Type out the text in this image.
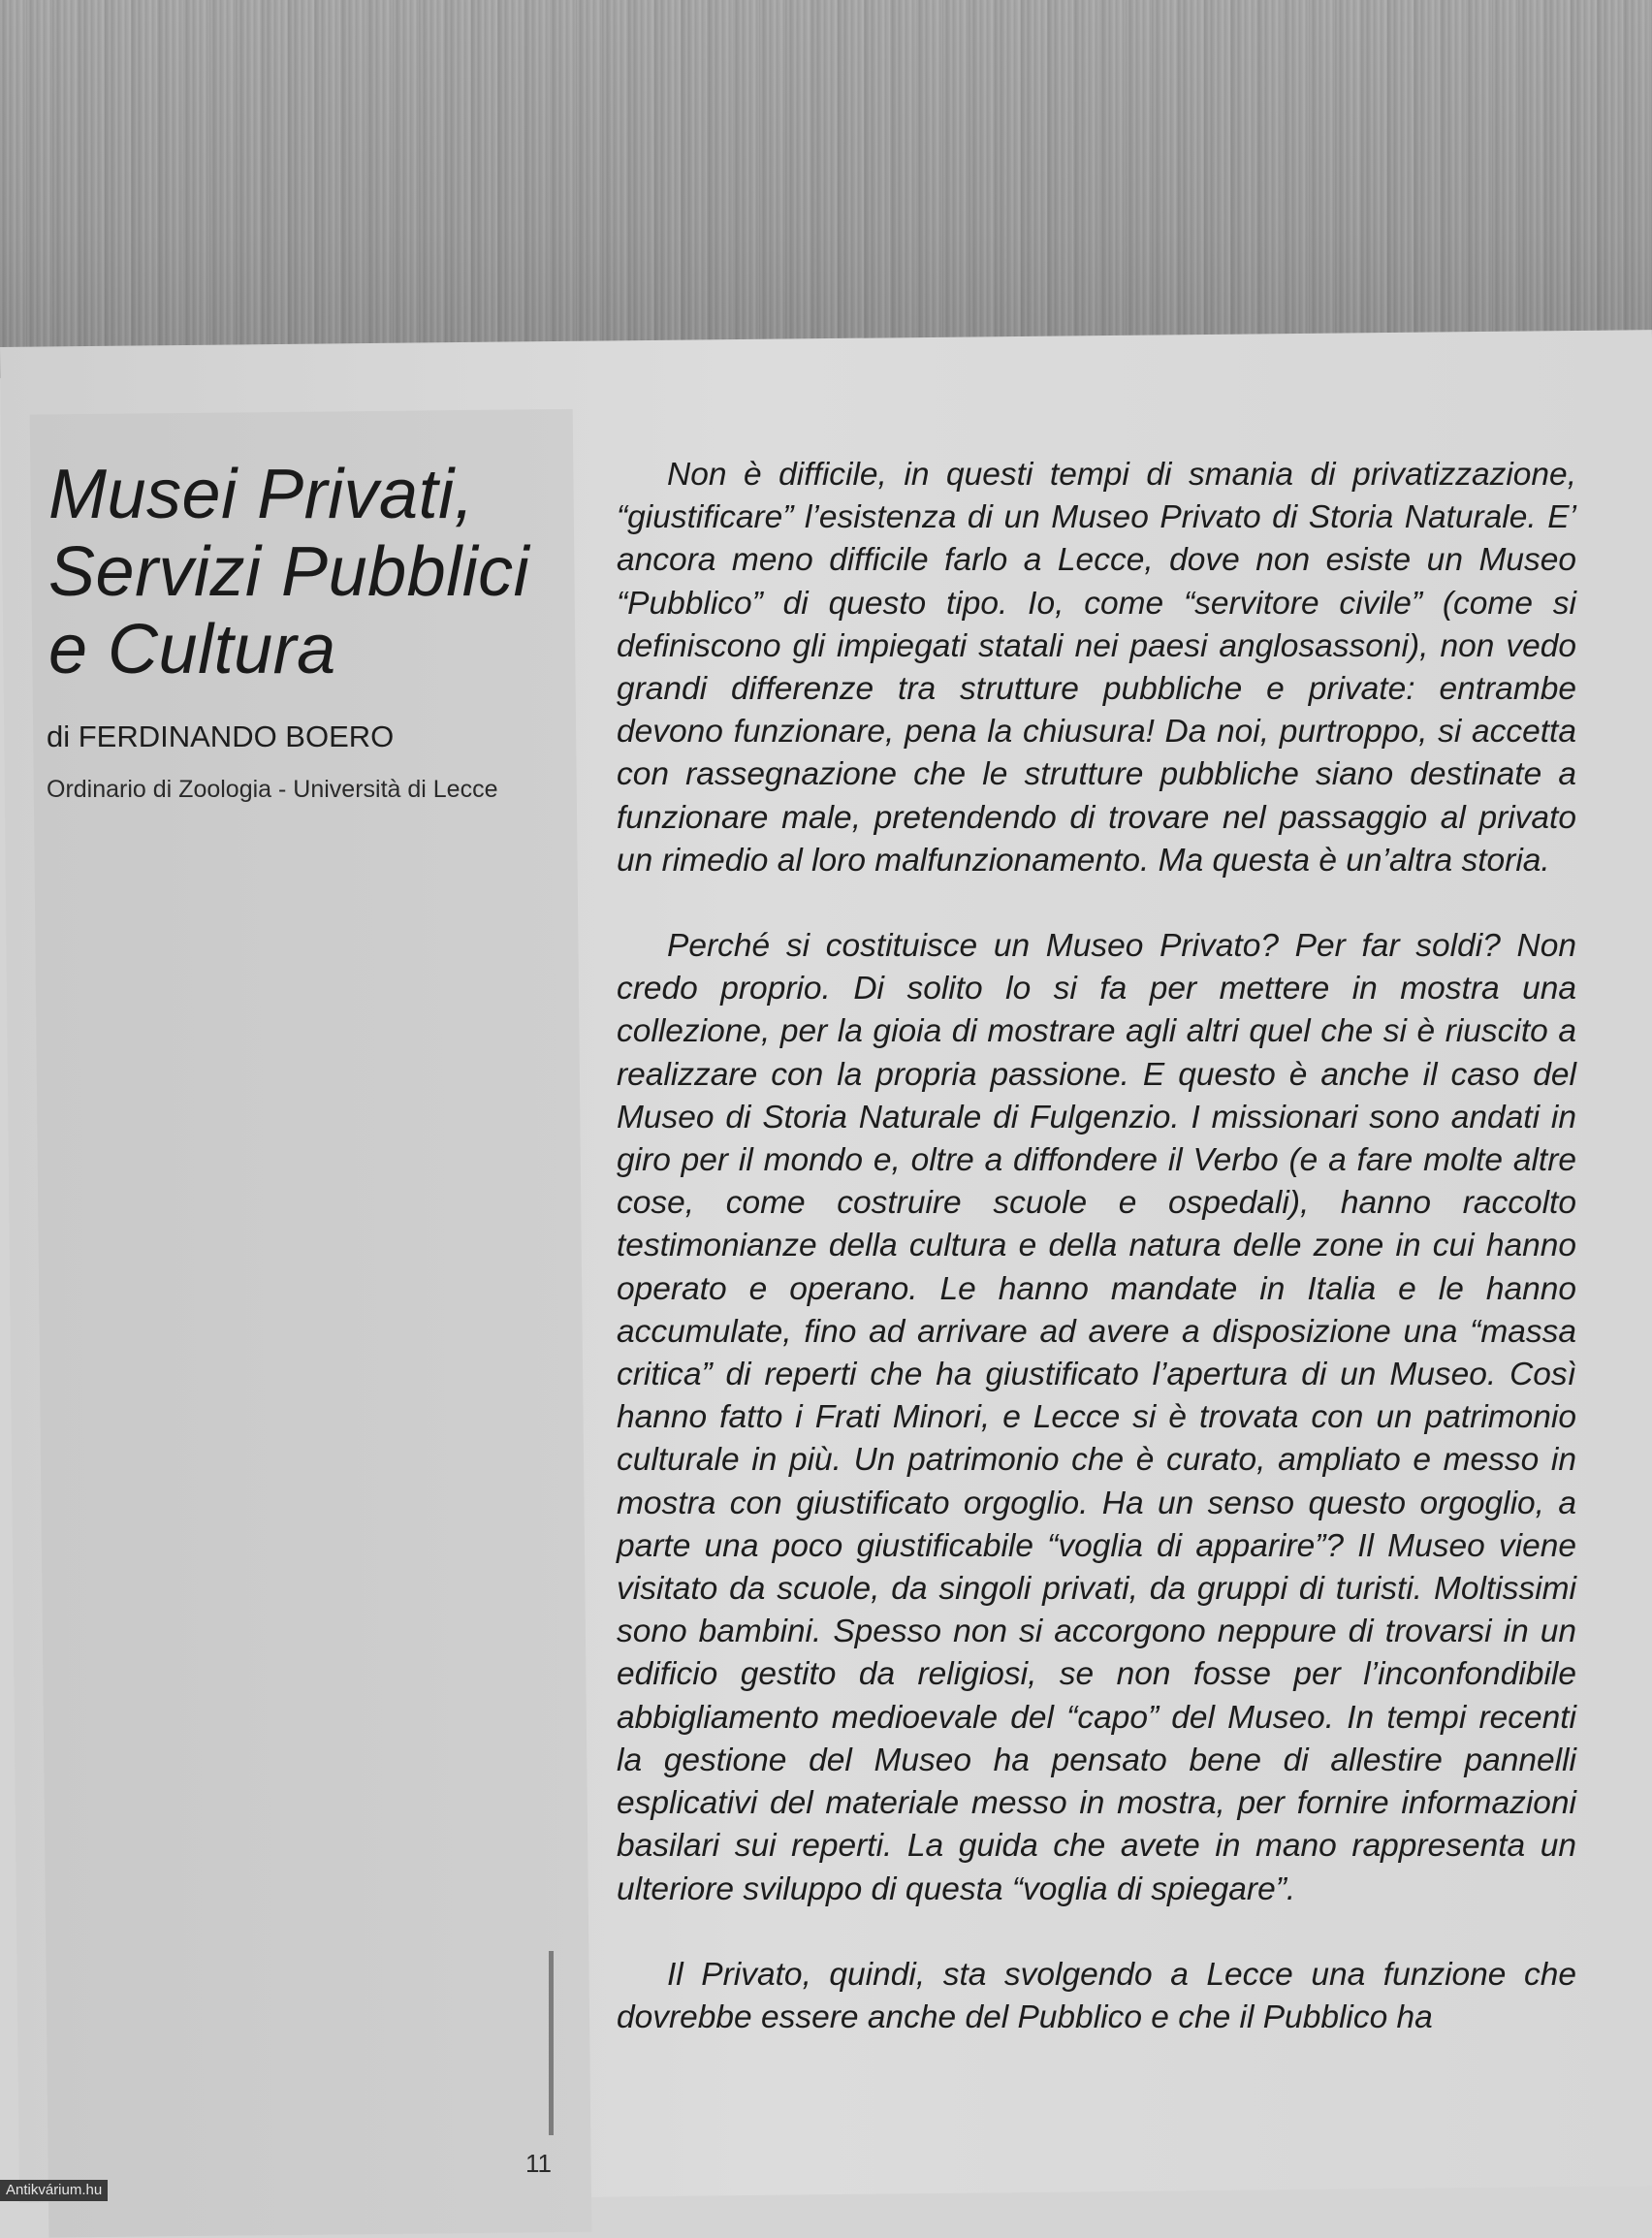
Musei Privati,
Servizi Pubblici
e Cultura
di FERDINANDO BOERO
Ordinario di Zoologia - Università di Lecce

Non è difficile, in questi tempi di smania di privatizzazione, “giustificare” l’esistenza di un Museo Privato di Storia Naturale. E’ ancora meno difficile farlo a Lecce, dove non esiste un Museo “Pubblico” di questo tipo. Io, come “servitore civile” (come si definiscono gli impiegati statali nei paesi anglosassoni), non vedo grandi differenze tra strutture pubbliche e private: entrambe devono funzionare, pena la chiusura! Da noi, purtroppo, si accetta con rassegnazione che le strutture pubbliche siano destinate a funzionare male, pretendendo di trovare nel passaggio al privato un rimedio al loro malfunzionamento. Ma questa è un’altra storia.

Perché si costituisce un Museo Privato? Per far soldi? Non credo proprio. Di solito lo si fa per mettere in mostra una collezione, per la gioia di mostrare agli altri quel che si è riuscito a realizzare con la propria passione. E questo è anche il caso del Museo di Storia Naturale di Fulgenzio. I missionari sono andati in giro per il mondo e, oltre a diffondere il Verbo (e a fare molte altre cose, come costruire scuole e ospedali), hanno raccolto testimonianze della cultura e della natura delle zone in cui hanno operato e operano. Le hanno mandate in Italia e le hanno accumulate, fino ad arrivare ad avere a disposizione una “massa critica” di reperti che ha giustificato l’apertura di un Museo. Così hanno fatto i Frati Minori, e Lecce si è trovata con un patrimonio culturale in più. Un patrimonio che è curato, ampliato e messo in mostra con giustificato orgoglio. Ha un senso questo orgoglio, a parte una poco giustificabile “voglia di apparire”? Il Museo viene visitato da scuole, da singoli privati, da gruppi di turisti. Moltissimi sono bambini. Spesso non si accorgono neppure di trovarsi in un edificio gestito da religiosi, se non fosse per l’inconfondibile abbigliamento medioevale del “capo” del Museo. In tempi recenti la gestione del Museo ha pensato bene di allestire pannelli esplicativi del materiale messo in mostra, per fornire informazioni basilari sui reperti. La guida che avete in mano rappresenta un ulteriore sviluppo di questa “voglia di spiegare”.

Il Privato, quindi, sta svolgendo a Lecce una funzione che dovrebbe essere anche del Pubblico e che il Pubblico ha

11
Antikvárium.hu
